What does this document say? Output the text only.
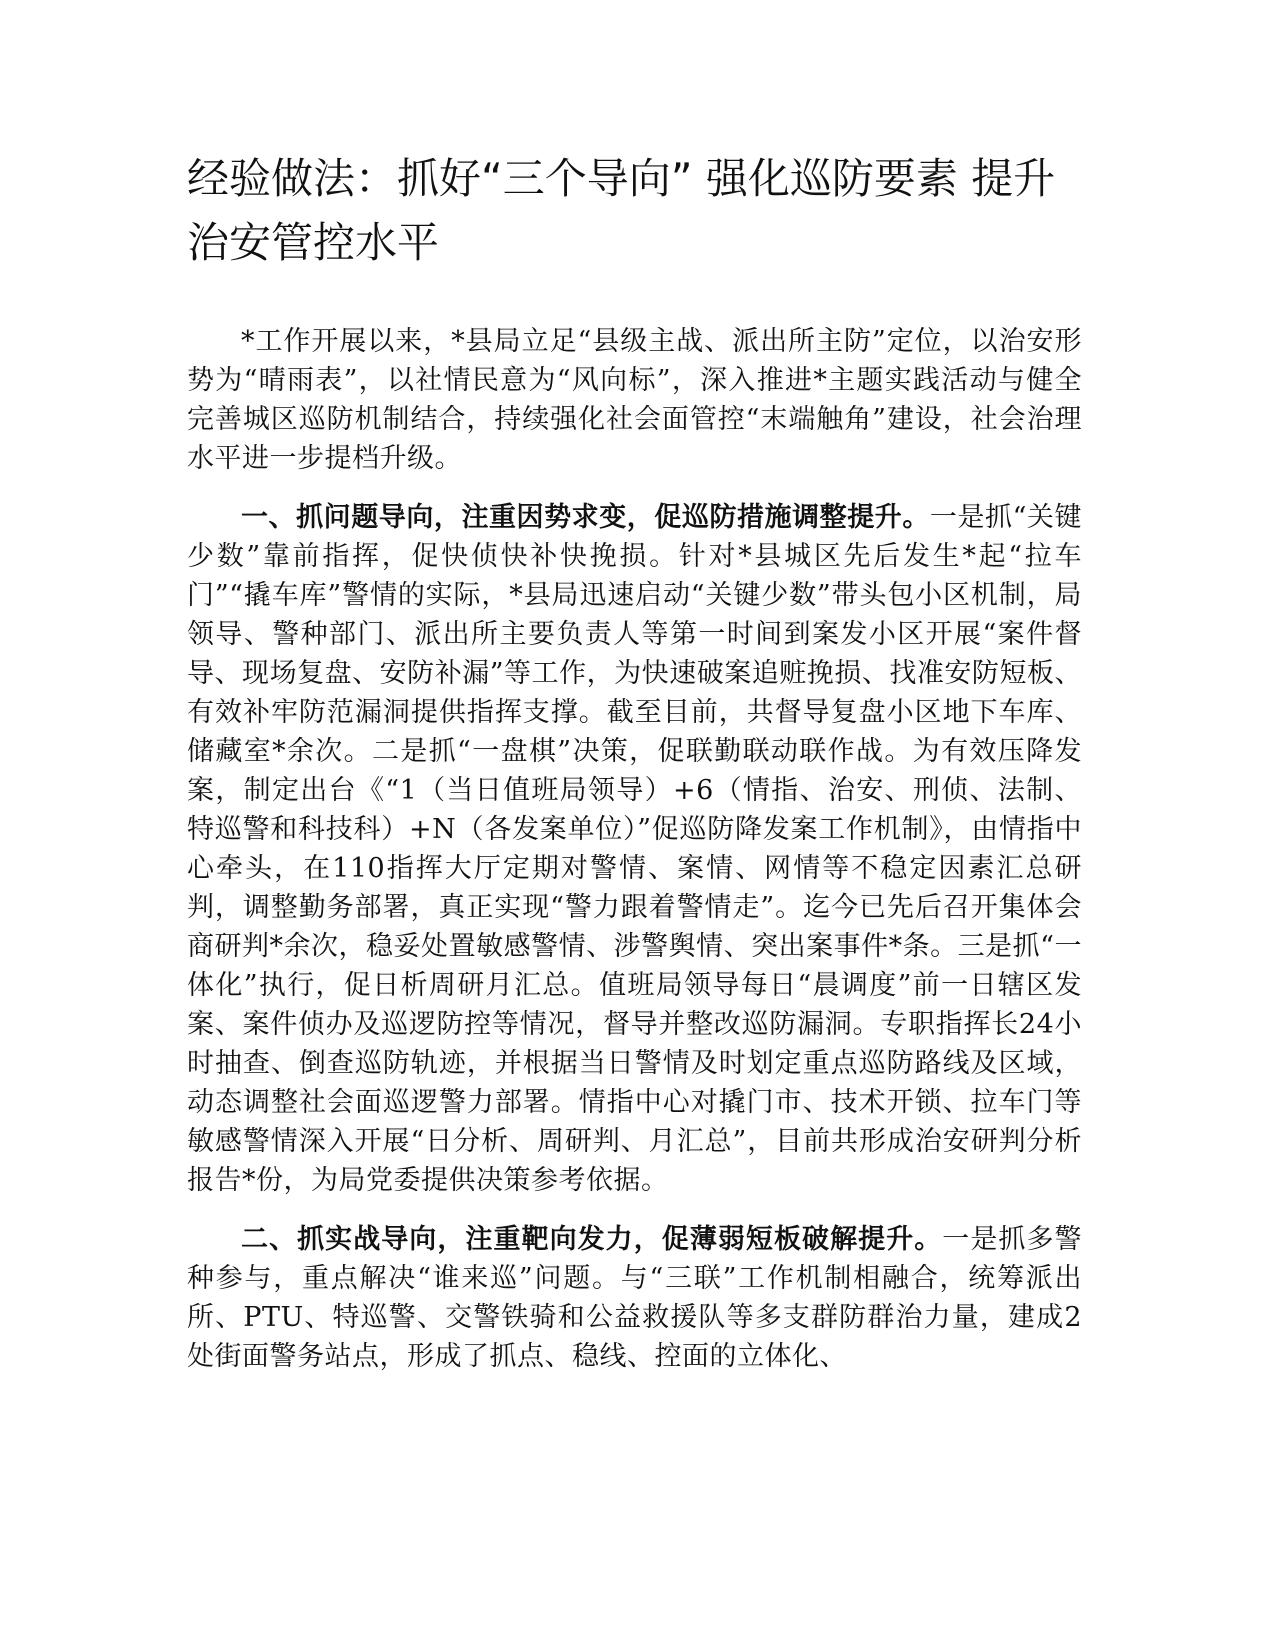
经验做法：抓好“三个导向” 强化巡防要素 提升治安管控水平

*工作开展以来，*县局立足“县级主战、派出所主防”定位，以治安形势为“晴雨表”，以社情民意为“风向标”，深入推进*主题实践活动与健全完善城区巡防机制结合，持续强化社会面管控“末端触角”建设，社会治理水平进一步提档升级。

一、抓问题导向，注重因势求变，促巡防措施调整提升。一是抓“关键少数”靠前指挥，促快侦快补快挽损。针对*县城区先后发生*起“拉车门”“撬车库”警情的实际，*县局迅速启动“关键少数”带头包小区机制，局领导、警种部门、派出所主要负责人等第一时间到案发小区开展“案件督导、现场复盘、安防补漏”等工作，为快速破案追赃挽损、找准安防短板、有效补牢防范漏洞提供指挥支撑。截至目前，共督导复盘小区地下车库、储藏室*余次。二是抓“一盘棋”决策，促联勤联动联作战。为有效压降发案，制定出台《“1（当日值班局领导）+6（情指、治安、刑侦、法制、特巡警和科技科）+N（各发案单位）”促巡防降发案工作机制》，由情指中心牵头，在110指挥大厅定期对警情、案情、网情等不稳定因素汇总研判，调整勤务部署，真正实现“警力跟着警情走”。迄今已先后召开集体会商研判*余次，稳妥处置敏感警情、涉警舆情、突出案事件*条。三是抓“一体化”执行，促日析周研月汇总。值班局领导每日“晨调度”前一日辖区发案、案件侦办及巡逻防控等情况，督导并整改巡防漏洞。专职指挥长24小时抽查、倒查巡防轨迹，并根据当日警情及时划定重点巡防路线及区域，动态调整社会面巡逻警力部署。情指中心对撬门市、技术开锁、拉车门等敏感警情深入开展“日分析、周研判、月汇总”，目前共形成治安研判分析报告*份，为局党委提供决策参考依据。

二、抓实战导向，注重靶向发力，促薄弱短板破解提升。一是抓多警种参与，重点解决“谁来巡”问题。与“三联”工作机制相融合，统筹派出所、PTU、特巡警、交警铁骑和公益救援队等多支群防群治力量，建成2处街面警务站点，形成了抓点、稳线、控面的立体化、
